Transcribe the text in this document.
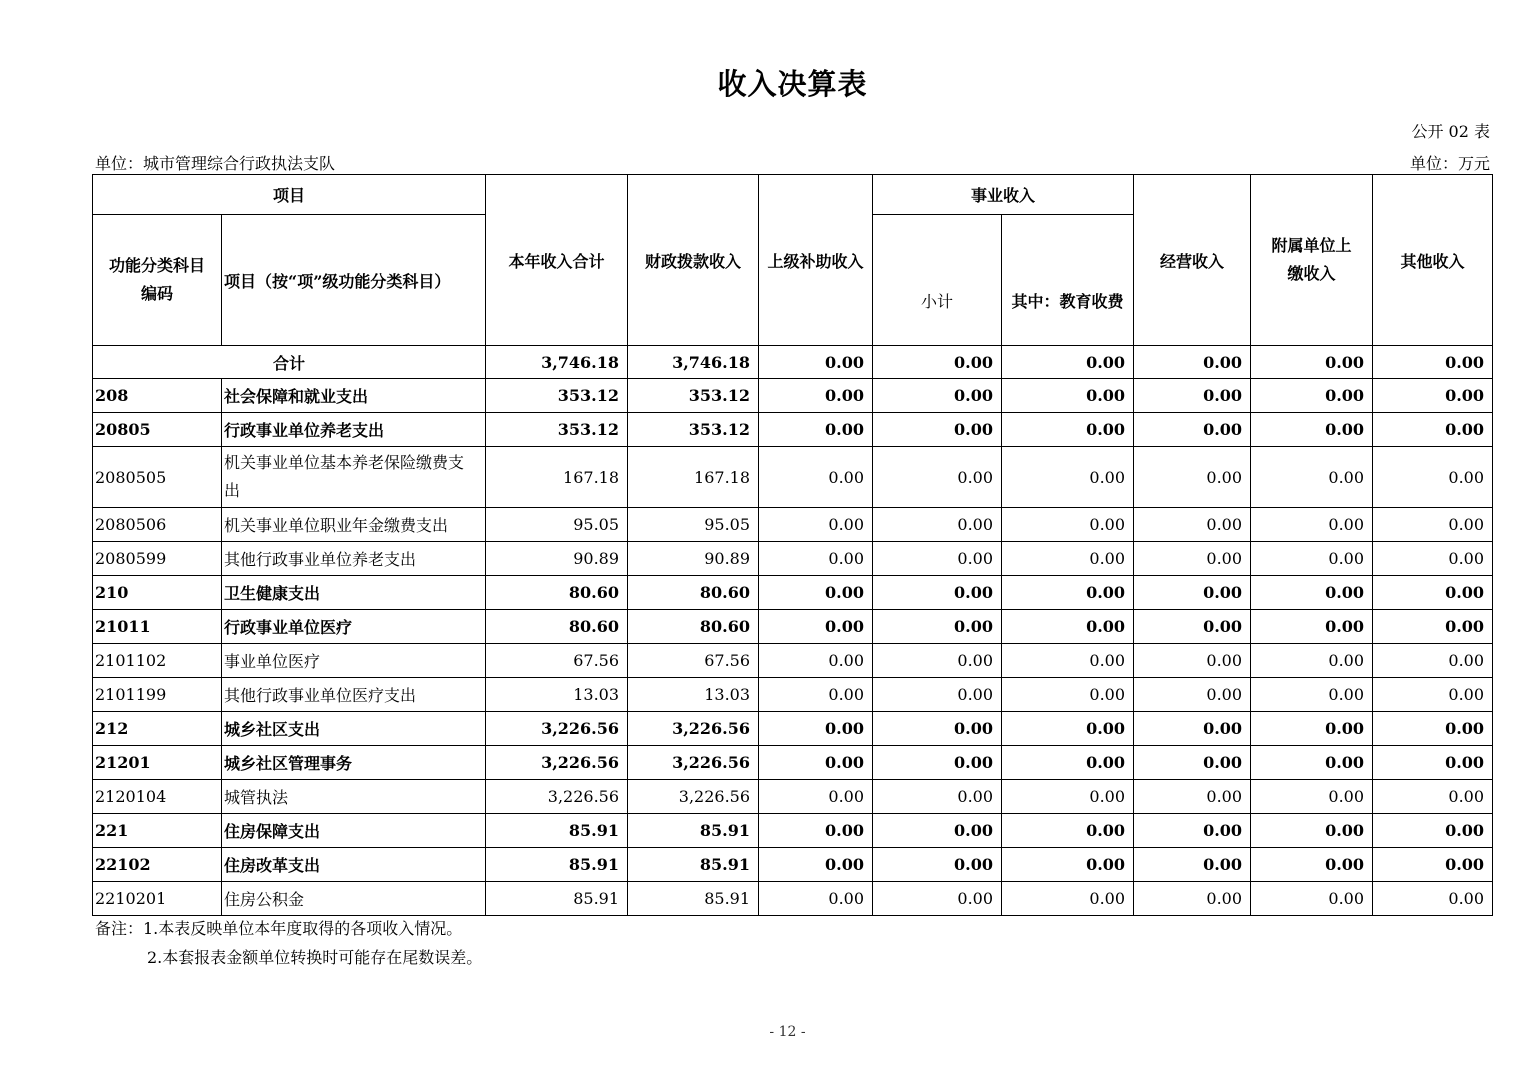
收入决算表
公开 02 表
单位：城市管理综合行政执法支队	单位：万元
项目		本年收入合计	财政拨款收入	上级补助收入	事业收入		经营收入	附属单位上缴收入	其他收入
功能分类科目编码	项目（按“项”级功能分类科目）				小计	其中：教育收费			
合计		3,746.18	3,746.18	0.00	0.00	0.00	0.00	0.00	0.00
208	社会保障和就业支出	353.12	353.12	0.00	0.00	0.00	0.00	0.00	0.00
20805	行政事业单位养老支出	353.12	353.12	0.00	0.00	0.00	0.00	0.00	0.00
2080505	机关事业单位基本养老保险缴费支出	167.18	167.18	0.00	0.00	0.00	0.00	0.00	0.00
2080506	机关事业单位职业年金缴费支出	95.05	95.05	0.00	0.00	0.00	0.00	0.00	0.00
2080599	其他行政事业单位养老支出	90.89	90.89	0.00	0.00	0.00	0.00	0.00	0.00
210	卫生健康支出	80.60	80.60	0.00	0.00	0.00	0.00	0.00	0.00
21011	行政事业单位医疗	80.60	80.60	0.00	0.00	0.00	0.00	0.00	0.00
2101102	事业单位医疗	67.56	67.56	0.00	0.00	0.00	0.00	0.00	0.00
2101199	其他行政事业单位医疗支出	13.03	13.03	0.00	0.00	0.00	0.00	0.00	0.00
212	城乡社区支出	3,226.56	3,226.56	0.00	0.00	0.00	0.00	0.00	0.00
21201	城乡社区管理事务	3,226.56	3,226.56	0.00	0.00	0.00	0.00	0.00	0.00
2120104	城管执法	3,226.56	3,226.56	0.00	0.00	0.00	0.00	0.00	0.00
221	住房保障支出	85.91	85.91	0.00	0.00	0.00	0.00	0.00	0.00
22102	住房改革支出	85.91	85.91	0.00	0.00	0.00	0.00	0.00	0.00
2210201	住房公积金	85.91	85.91	0.00	0.00	0.00	0.00	0.00	0.00
备注：1.本表反映单位本年度取得的各项收入情况。
2.本套报表金额单位转换时可能存在尾数误差。
- 12 -
